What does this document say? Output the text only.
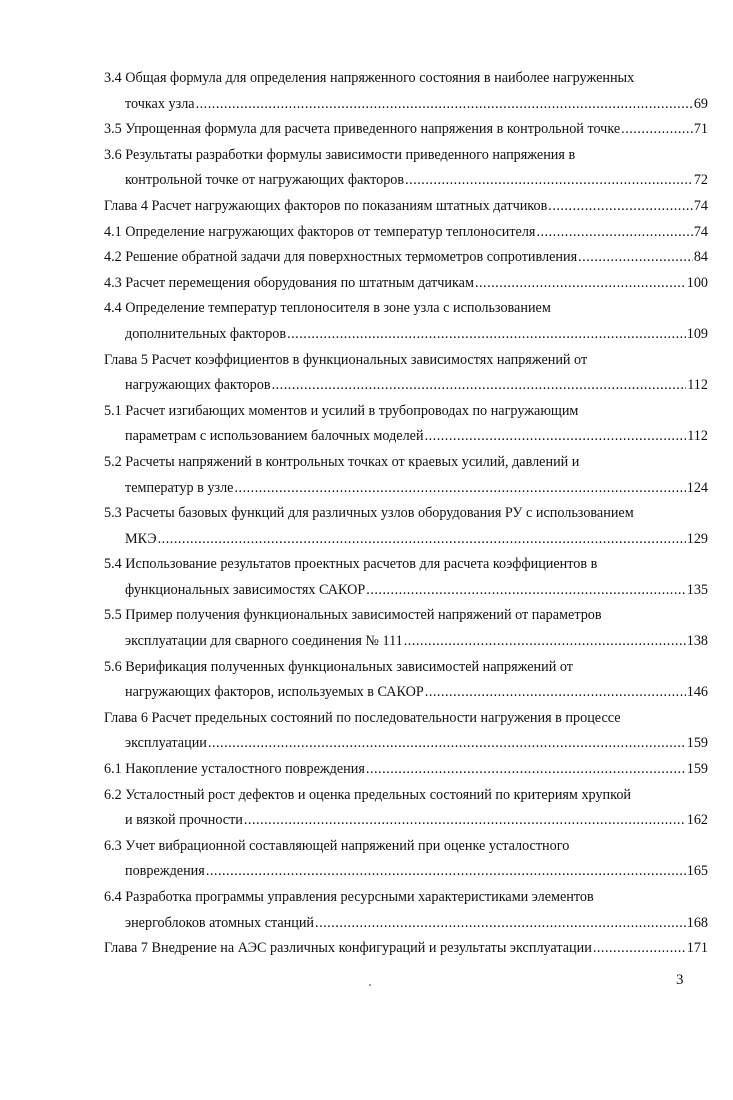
3.4 Общая формула для определения напряженного состояния в наиболее нагруженных
точках узла .....	69
3.5 Упрощенная формула для расчета приведенного напряжения в контрольной точке .....	71
3.6 Результаты разработки формулы зависимости приведенного напряжения в
контрольной точке от нагружающих факторов .....	72
Глава 4 Расчет нагружающих факторов по показаниям штатных датчиков .....	74
4.1 Определение нагружающих факторов от температур теплоносителя .....	74
4.2 Решение обратной задачи для поверхностных термометров сопротивления .....	84
4.3 Расчет перемещения оборудования по штатным датчикам .....	100
4.4 Определение температур теплоносителя в зоне узла с использованием
дополнительных факторов .....	109
Глава 5 Расчет коэффициентов в функциональных зависимостях напряжений от
нагружающих факторов .....	112
5.1 Расчет изгибающих моментов и усилий в трубопроводах по нагружающим
параметрам с использованием балочных моделей .....	112
5.2 Расчеты напряжений в контрольных точках от краевых усилий, давлений и
температур в узле .....	124
5.3 Расчеты базовых функций для различных узлов оборудования РУ с использованием
МКЭ .....	129
5.4 Использование результатов проектных расчетов для расчета коэффициентов в
функциональных зависимостях САКОР .....	135
5.5 Пример получения функциональных зависимостей напряжений от параметров
эксплуатации для сварного соединения № 111 .....	138
5.6 Верификация полученных функциональных зависимостей напряжений от
нагружающих факторов, используемых в САКОР .....	146
Глава 6 Расчет предельных состояний по последовательности нагружения в процессе
эксплуатации .....	159
6.1 Накопление усталостного повреждения .....	159
6.2 Усталостный рост дефектов и оценка предельных состояний по критериям хрупкой
и вязкой прочности .....	162
6.3 Учет вибрационной составляющей напряжений при оценке усталостного
повреждения .....	165
6.4 Разработка программы управления ресурсными характеристиками элементов
энергоблоков атомных станций .....	168
Глава 7 Внедрение на АЭС различных конфигураций и результаты эксплуатации .....	171
3
